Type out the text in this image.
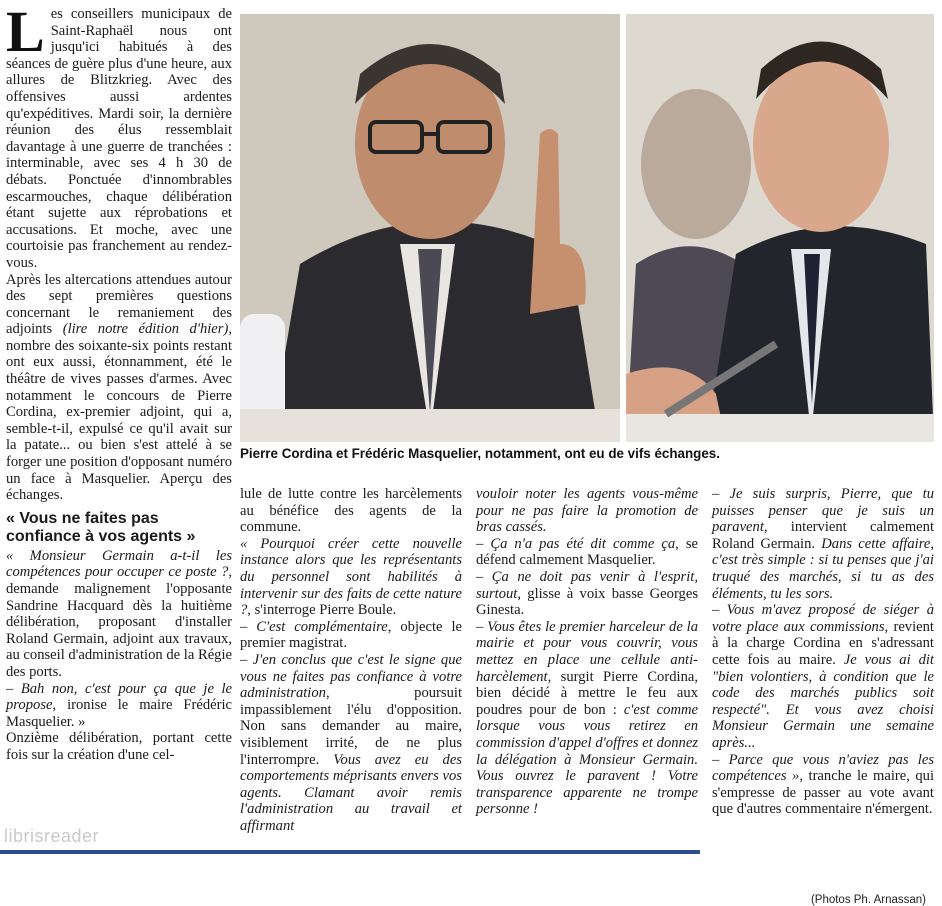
Les conseillers municipaux de Saint-Raphaël nous ont jusqu'ici habitués à des séances de guère plus d'une heure, aux allures de Blitzkrieg. Avec des offensives aussi ardentes qu'expéditives. Mardi soir, la dernière réunion des élus ressemblait davantage à une guerre de tranchées : interminable, avec ses 4 h 30 de débats. Ponctuée d'innombrables escarmouches, chaque délibération étant sujette aux réprobations et accusations. Et moche, avec une courtoisie pas franchement au rendez-vous.

Après les altercations attendues autour des sept premières questions concernant le remaniement des adjoints (lire notre édition d'hier), nombre des soixante-six points restant ont eux aussi, étonnamment, été le théâtre de vives passes d'armes. Avec notamment le concours de Pierre Cordina, ex-premier adjoint, qui a, semble-t-il, expulsé ce qu'il avait sur la patate... ou bien s'est attelé à se forger une position d'opposant numéro un face à Masquelier. Aperçu des échanges.

« Vous ne faites pas confiance à vos agents »

« Monsieur Germain a-t-il les compétences pour occuper ce poste ?, demande malignement l'opposante Sandrine Hacquard dès la huitième délibération, proposant d'installer Roland Germain, adjoint aux travaux, au conseil d'administration de la Régie des ports.

– Bah non, c'est pour ça que je le propose, ironise le maire Frédéric Masquelier. »

Onzième délibération, portant cette fois sur la création d'une cel-

Pierre Cordina et Frédéric Masquelier, notamment, ont eu de vifs échanges.
(Photos Ph. Arnassan)

lule de lutte contre les harcèlements au bénéfice des agents de la commune.

« Pourquoi créer cette nouvelle instance alors que les représentants du personnel sont habilités à intervenir sur des faits de cette nature ?, s'interroge Pierre Boule.

– C'est complémentaire, objecte le premier magistrat.

– J'en conclus que c'est le signe que vous ne faites pas confiance à votre administration, poursuit impassiblement l'élu d'opposition. Non sans demander au maire, visiblement irrité, de ne plus l'interrompre. Vous avez eu des comportements méprisants envers vos agents. Clamant avoir remis l'administration au travail et affirmant

vouloir noter les agents vous-même pour ne pas faire la promotion de bras cassés.

– Ça n'a pas été dit comme ça, se défend calmement Masquelier.

– Ça ne doit pas venir à l'esprit, surtout, glisse à voix basse Georges Ginesta.

– Vous êtes le premier harceleur de la mairie et pour vous couvrir, vous mettez en place une cellule anti-harcèlement, surgit Pierre Cordina, bien décidé à mettre le feu aux poudres pour de bon : c'est comme lorsque vous vous retirez en commission d'appel d'offres et donnez la délégation à Monsieur Germain. Vous ouvrez le paravent ! Votre transparence apparente ne trompe personne !

– Je suis surpris, Pierre, que tu puisses penser que je suis un paravent, intervient calmement Roland Germain. Dans cette affaire, c'est très simple : si tu penses que j'ai truqué des marchés, si tu as des éléments, tu les sors.

– Vous m'avez proposé de siéger à votre place aux commissions, revient à la charge Cordina en s'adressant cette fois au maire. Je vous ai dit "bien volontiers, à condition que le code des marchés publics soit respecté". Et vous avez choisi Monsieur Germain une semaine après...

– Parce que vous n'aviez pas les compétences », tranche le maire, qui s'empresse de passer au vote avant que d'autres commentaire n'émergent.

librisreader
